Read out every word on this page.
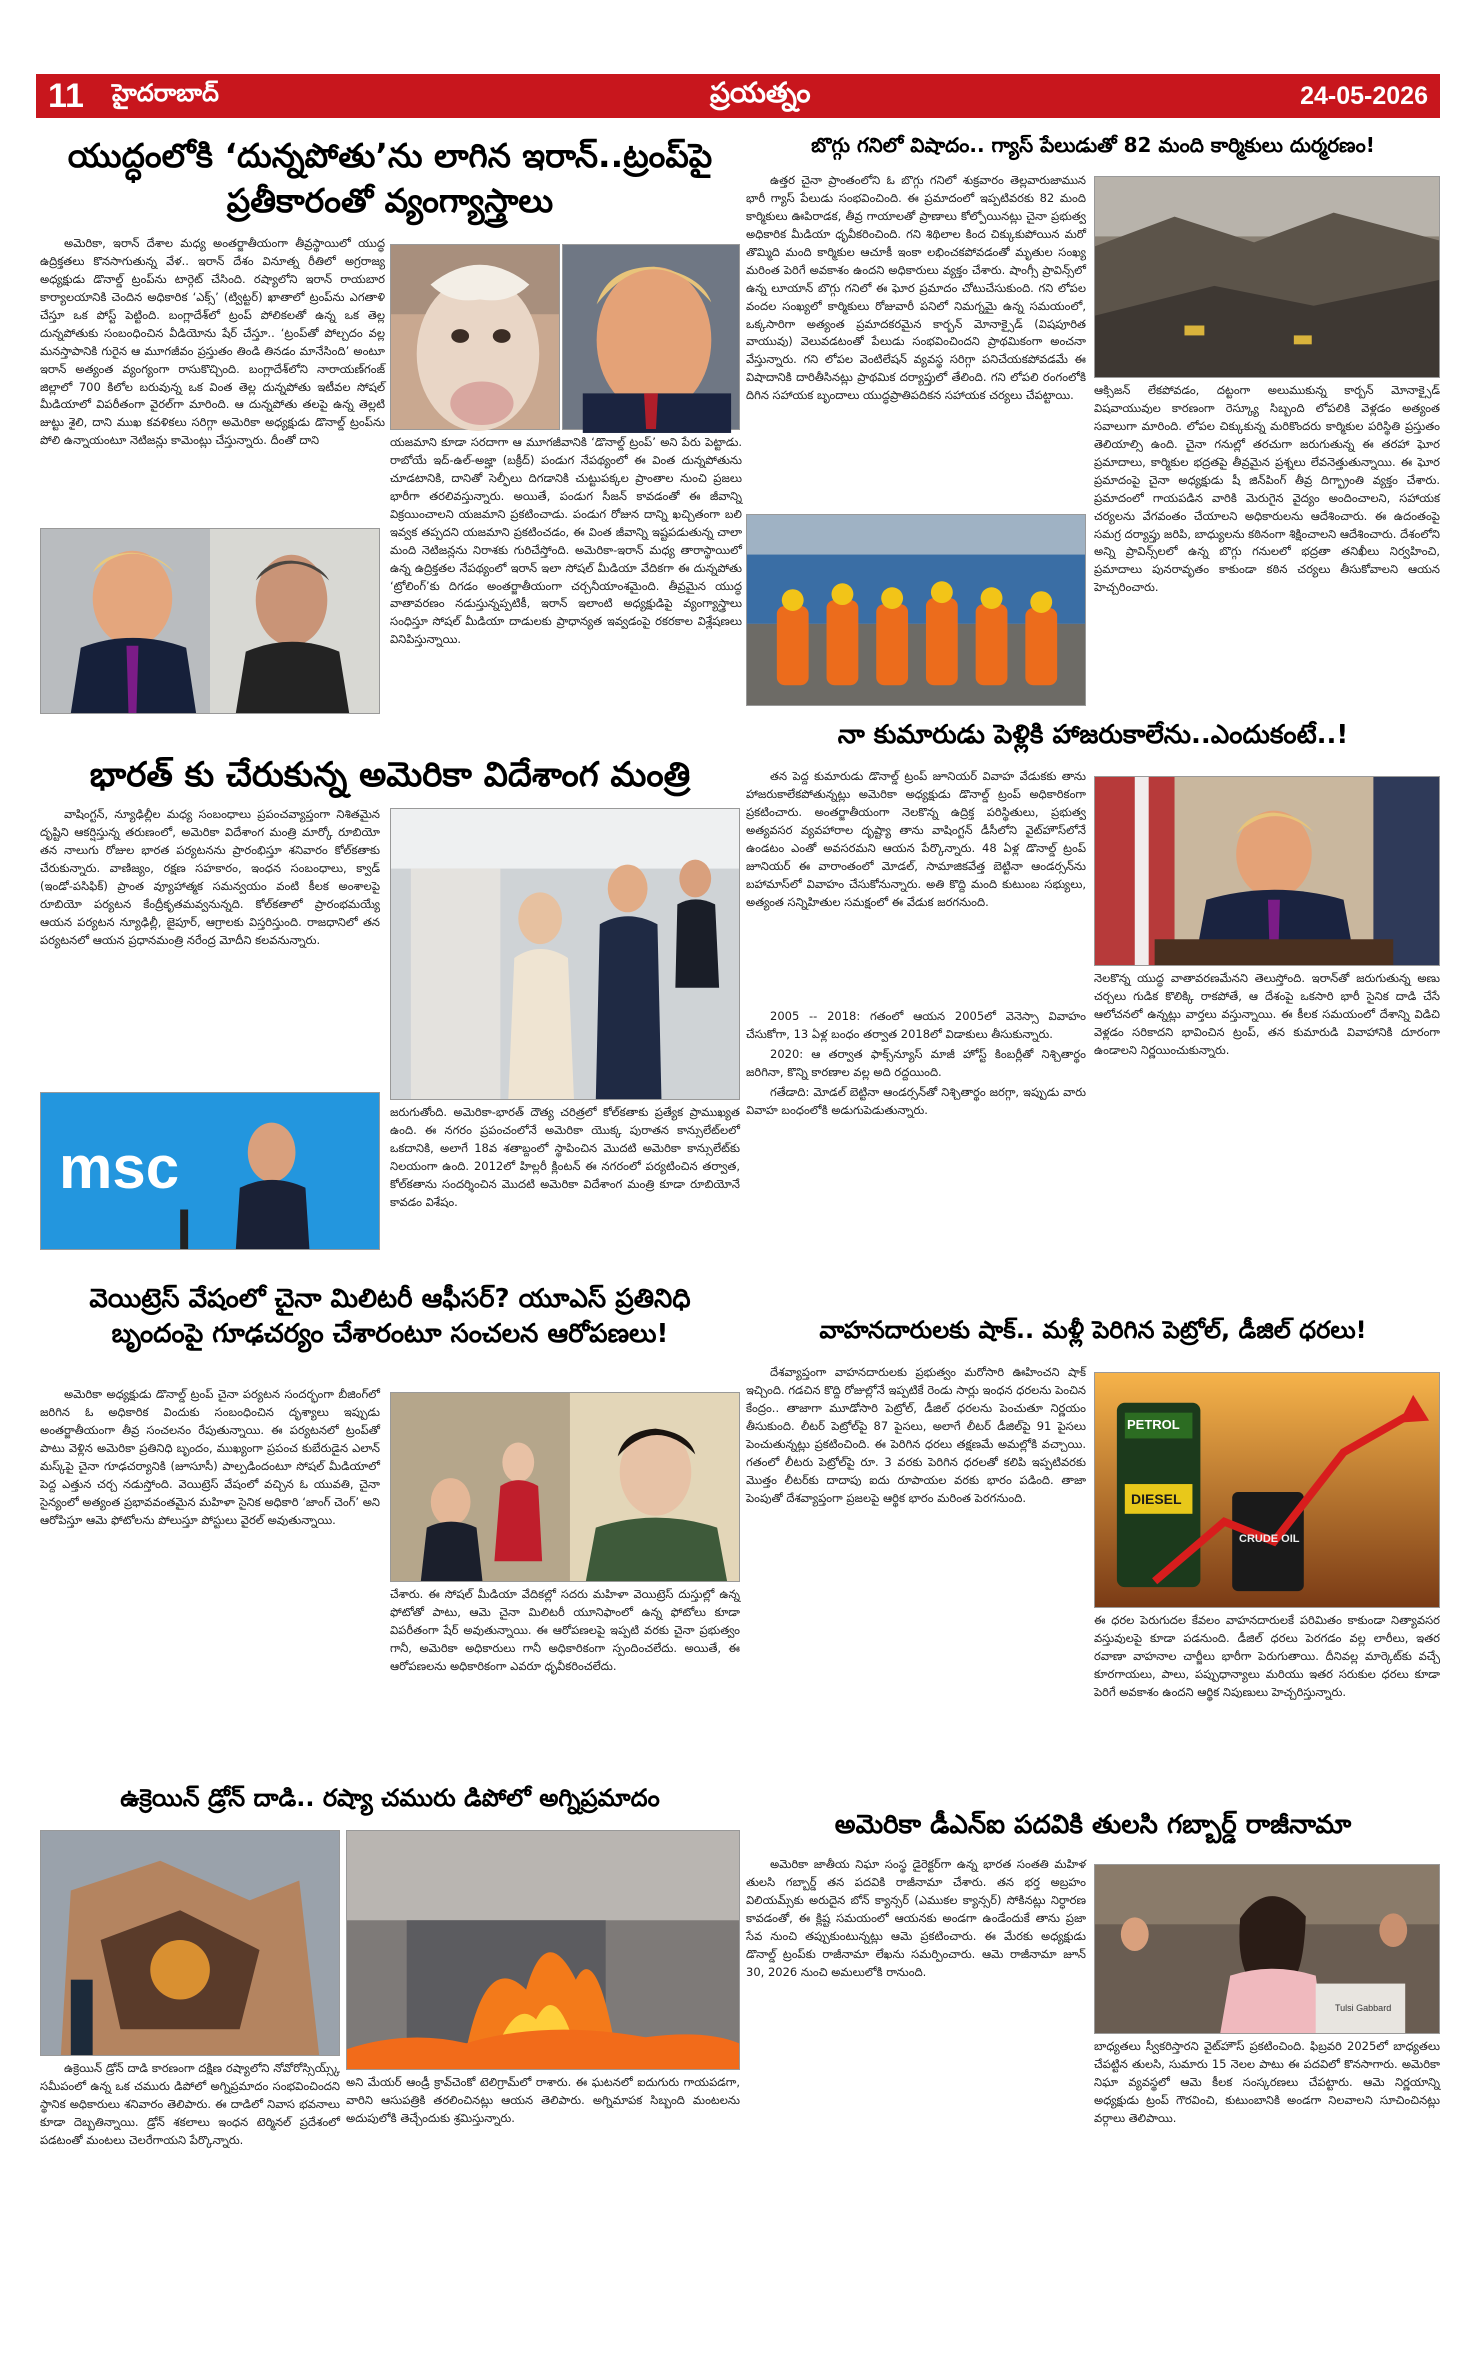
11	హైదరాబాద్	ప్రయత్నం	24-05-2026
యుద్ధంలోకి ‘దున్నపోతు’ను లాగిన ఇరాన్..ట్రంప్‌పై
ప్రతీకారంతో వ్యంగ్యాస్త్రాలు

అమెరికా, ఇరాన్ దేశాల మధ్య అంతర్జాతీయంగా తీవ్రస్థాయిలో యుద్ధ ఉద్రిక్తతలు కొనసాగుతున్న వేళ.. ఇరాన్ దేశం వినూత్న రీతిలో అగ్రరాజ్య అధ్యక్షుడు డొనాల్డ్ ట్రంప్‌ను టార్గెట్ చేసింది. రష్యాలోని ఇరాన్ రాయబార కార్యాలయానికి చెందిన అధికారిక ‘ఎక్స్’ (ట్విట్టర్) ఖాతాలో ట్రంప్‌ను ఎగతాళి చేస్తూ ఒక పోస్ట్ పెట్టింది. బంగ్లాదేశ్‌లో ట్రంప్ పోలికలతో ఉన్న ఒక తెల్ల దున్నపోతుకు సంబంధించిన వీడియోను షేర్ చేస్తూ.. ‘ట్రంప్‌తో పోల్చదం వల్ల మనస్తాపానికి గురైన ఆ మూగజీవం ప్రస్తుతం తిండి తినడం మానేసింది’ అంటూ ఇరాన్ అత్యంత వ్యంగ్యంగా రాసుకొచ్చింది. బంగ్లాదేశ్‌లోని నారాయణ్‌గంజ్ జిల్లాలో 700 కిలోల బరువున్న ఒక వింత తెల్ల దున్నపోతు ఇటీవల సోషల్ మీడియాలో విపరీతంగా వైరల్‌గా మారింది. ఆ దున్నపోతు తలపై ఉన్న తెల్లటి జుట్టు శైలి, దాని ముఖ కవళికలు సరిగ్గా అమెరికా అధ్యక్షుడు డొనాల్డ్ ట్రంప్‌ను పోలి ఉన్నాయంటూ నెటిజన్లు కామెంట్లు చేస్తున్నారు. దీంతో దాని	యజమాని కూడా సరదాగా ఆ మూగజీవానికి ‘డొనాల్డ్ ట్రంప్’ అని పేరు పెట్టాడు. రాబోయే ఇద్-ఉల్-అజ్హా (బక్రీద్) పండుగ నేపథ్యంలో ఈ వింత దున్నపోతును చూడటానికి, దానితో సెల్ఫీలు దిగడానికి చుట్టుపక్కల ప్రాంతాల నుంచి ప్రజలు భారీగా తరలివస్తున్నారు. అయితే, పండుగ సీజన్ కావడంతో ఈ జీవాన్ని విక్రయించాలని యజమాని ప్రకటించాడు. పండుగ రోజున దాన్ని ఖచ్చితంగా బలి ఇవ్వక తప్పదని యజమాని ప్రకటించడం, ఈ వింత జీవాన్ని ఇష్టపడుతున్న చాలా మంది నెటిజన్లను నిరాశకు గురిచేస్తోంది. అమెరికా-ఇరాన్ మధ్య తారాస్థాయిలో ఉన్న ఉద్రిక్తతల నేపథ్యంలో ఇరాన్ ఇలా సోషల్ మీడియా వేదికగా ఈ దున్నపోతు ‘ట్రోలింగ్’కు దిగడం అంతర్జాతీయంగా చర్చనీయాంశమైంది. తీవ్రమైన యుద్ధ వాతావరణం నడుస్తున్నప్పటికీ, ఇరాన్ ఇలాంటి అధ్యక్షుడిపై వ్యంగ్యాస్త్రాలు సంధిస్తూ సోషల్ మీడియా దాడులకు ప్రాధాన్యత ఇవ్వడంపై రకరకాల విశ్లేషణలు వినిపిస్తున్నాయి.
బొగ్గు గనిలో విషాదం.. గ్యాస్ పేలుడుతో 82 మంది కార్మికులు దుర్మరణం!

ఉత్తర చైనా ప్రాంతంలోని ఓ బొగ్గు గనిలో శుక్రవారం తెల్లవారుజామున భారీ గ్యాస్ పేలుడు సంభవించింది. ఈ ప్రమాదంలో ఇప్పటివరకు 82 మంది కార్మికులు ఊపిరాడక, తీవ్ర గాయాలతో ప్రాణాలు కోల్పోయినట్లు చైనా ప్రభుత్వ అధికారిక మీడియా ధృవీకరించింది. గని శిథిలాల కింద చిక్కుకుపోయిన మరో తొమ్మిది మంది కార్మికుల ఆచూకీ ఇంకా లభించకపోవడంతో మృతుల సంఖ్య మరింత పెరిగే అవకాశం ఉందని అధికారులు వ్యక్తం చేశారు. షాంగ్సీ ప్రావిన్స్‌లో ఉన్న లూయాన్ బొగ్గు గనిలో ఈ ఘోర ప్రమాదం చోటుచేసుకుంది. గని లోపల వందల సంఖ్యలో కార్మికులు రోజువారీ పనిలో నిమగ్నమై ఉన్న సమయంలో, ఒక్కసారిగా అత్యంత ప్రమాదకరమైన కార్బన్ మోనాక్సైడ్ (విషపూరిత వాయువు) వెలువడటంతో పేలుడు సంభవించిందని ప్రాథమికంగా అంచనా వేస్తున్నారు. గని లోపల వెంటిలేషన్ వ్యవస్థ సరిగ్గా పనిచేయకపోవడమే ఈ విషాదానికి దారితీసినట్లు ప్రాథమిక దర్యాప్తులో తేలింది. గని లోపలి రంగంలోకి దిగిన సహాయక బృందాలు యుద్ధప్రాతిపదికన సహాయక చర్యలు చేపట్టాయి.	ఆక్సిజన్ లేకపోవడం, దట్టంగా అలుముకున్న కార్బన్ మోనాక్సైడ్ విషవాయువుల కారణంగా రెస్క్యూ సిబ్బంది లోపలికి వెళ్లడం అత్యంత సవాలుగా మారింది. లోపల చిక్కుకున్న మరికొందరు కార్మికుల పరిస్థితి ప్రస్తుతం తెలియాల్సి ఉంది. చైనా గనుల్లో తరచుగా జరుగుతున్న ఈ తరహా ఘోర ప్రమాదాలు, కార్మికుల భద్రతపై తీవ్రమైన ప్రశ్నలు లేవనెత్తుతున్నాయి. ఈ ఘోర ప్రమాదంపై చైనా అధ్యక్షుడు షీ జిన్‌పింగ్ తీవ్ర దిగ్భ్రాంతి వ్యక్తం చేశారు. ప్రమాదంలో గాయపడిన వారికి మెరుగైన వైద్యం అందించాలని, సహాయక చర్యలను వేగవంతం చేయాలని అధికారులను ఆదేశించారు. ఈ ఉదంతంపై సమగ్ర దర్యాప్తు జరిపి, బాధ్యులను కఠినంగా శిక్షించాలని ఆదేశించారు. దేశంలోని అన్ని ప్రావిన్స్‌లలో ఉన్న బొగ్గు గనులలో భద్రతా తనిఖీలు నిర్వహించి, ప్రమాదాలు పునరావృతం కాకుండా కఠిన చర్యలు తీసుకోవాలని ఆయన హెచ్చరించారు.
భారత్ కు చేరుకున్న అమెరికా విదేశాంగ మంత్రి

వాషింగ్టన్, న్యూఢిల్లీల మధ్య సంబంధాలు ప్రపంచవ్యాప్తంగా నిశితమైన దృష్టిని ఆకర్షిస్తున్న తరుణంలో, అమెరికా విదేశాంగ మంత్రి మార్కో రూబియో తన నాలుగు రోజుల భారత పర్యటనను ప్రారంభిస్తూ శనివారం కోల్‌కతాకు చేరుకున్నారు. వాణిజ్యం, రక్షణ సహకారం, ఇంధన సంబంధాలు, క్వాడ్ (ఇండో-పసిఫిక్) ప్రాంత వ్యూహాత్మక సమన్వయం వంటి కీలక అంశాలపై రూబియో పర్యటన కేంద్రీకృతమవ్వనున్నది. కోల్‌కతాలో ప్రారంభమయ్యే ఆయన పర్యటన న్యూఢిల్లీ, జైపూర్, ఆగ్రాలకు విస్తరిస్తుంది. రాజధానిలో తన పర్యటనలో ఆయన ప్రధానమంత్రి నరేంద్ర మోదీని కలవనున్నారు.

msc
జరుగుతోంది. అమెరికా-భారత్ దౌత్య చరిత్రలో కోల్‌కతాకు ప్రత్యేక ప్రాముఖ్యత ఉంది. ఈ నగరం ప్రపంచంలోనే అమెరికా యొక్క పురాతన కాన్సులేట్‌లలో ఒకదానికి, అలాగే 18వ శతాబ్దంలో స్థాపించిన మొదటి అమెరికా కాన్సులేట్‌కు నిలయంగా ఉంది. 2012లో హిల్లరీ క్లింటన్ ఈ నగరంలో పర్యటించిన తర్వాత, కోల్‌కతాను సందర్శించిన మొదటి అమెరికా విదేశాంగ మంత్రి కూడా రూబియోనే కావడం విశేషం.
నా కుమారుడు పెళ్లికి హాజరుకాలేను..ఎందుకంటే..!

తన పెద్ద కుమారుడు డొనాల్డ్ ట్రంప్ జూనియర్ వివాహ వేడుకకు తాను హాజరుకాలేకపోతున్నట్లు అమెరికా అధ్యక్షుడు డొనాల్డ్ ట్రంప్ అధికారికంగా ప్రకటించారు. అంతర్జాతీయంగా నెలకొన్న ఉద్రిక్త పరిస్థితులు, ప్రభుత్వ అత్యవసర వ్యవహారాల దృష్ట్యా తాను వాషింగ్టన్ డీసీలోని వైట్‌హౌస్‌లోనే ఉండటం ఎంతో అవసరమని ఆయన పేర్కొన్నారు. 48 ఏళ్ల డొనాల్డ్ ట్రంప్ జూనియర్ ఈ వారాంతంలో మోడల్, సామాజికవేత్త బెట్టినా ఆండర్సన్‌ను బహామాస్‌లో వివాహం చేసుకోనున్నారు. అతి కొద్ది మంది కుటుంబ సభ్యులు, అత్యంత సన్నిహితుల సమక్షంలో ఈ వేడుక జరగనుంది.

2005 -- 2018: గతంలో ఆయన 2005లో వెనెస్సా వివాహం చేసుకోగా, 13 ఏళ్ల బంధం తర్వాత 2018లో విడాకులు తీసుకున్నారు.

2020: ఆ తర్వాత ఫాక్స్‌న్యూస్ మాజీ హోస్ట్ కింబర్లీతో నిశ్చితార్థం జరిగినా, కొన్ని కారణాల వల్ల అది రద్దయింది.

గతేడాది: మోడల్ బెట్టినా ఆండర్సన్‌తో నిశ్చితార్థం జరగ్గా, ఇప్పుడు వారు వివాహ బంధంలోకి అడుగుపెడుతున్నారు.

నెలకొన్న యుద్ధ వాతావరణమేనని తెలుస్తోంది. ఇరాన్‌తో జరుగుతున్న అణు చర్చలు గుడిక కొలిక్కి రాకపోతే, ఆ దేశంపై ఒకసారి భారీ సైనిక దాడి చేసే ఆలోచనలో ఉన్నట్లు వార్తలు వస్తున్నాయి. ఈ కీలక సమయంలో దేశాన్ని విడిచి వెళ్లడం సరికాదని భావించిన ట్రంప్, తన కుమారుడి వివాహానికి దూరంగా ఉండాలని నిర్ణయించుకున్నారు.
వెయిట్రెస్ వేషంలో చైనా మిలిటరీ ఆఫీసర్? యూఎస్ ప్రతినిధి
బృందంపై గూఢచర్యం చేశారంటూ సంచలన ఆరోపణలు!

అమెరికా అధ్యక్షుడు డొనాల్డ్ ట్రంప్ చైనా పర్యటన సందర్భంగా బీజింగ్‌లో జరిగిన ఓ అధికారిక విందుకు సంబంధించిన దృశ్యాలు ఇప్పుడు అంతర్జాతీయంగా తీవ్ర సంచలనం రేపుతున్నాయి. ఈ పర్యటనలో ట్రంప్‌తో పాటు వెళ్లిన అమెరికా ప్రతినిధి బృందం, ముఖ్యంగా ప్రపంచ కుబేరుడైన ఎలాన్ మస్క్‌పై చైనా గూఢచర్యానికి (జూసూసీ) పాల్పడిందంటూ సోషల్ మీడియాలో పెద్ద ఎత్తున చర్చ నడుస్తోంది. వెయిట్రెస్ వేషంలో వచ్చిన ఓ యువతి, చైనా సైన్యంలో అత్యంత ప్రభావవంతమైన మహిళా సైనిక అధికారి ‘జాంగ్ చెంగ్’ అని ఆరోపిస్తూ ఆమె ఫోటోలను పోలుస్తూ పోస్టులు వైరల్ అవుతున్నాయి.

చేశారు. ఈ సోషల్ మీడియా వేదికల్లో సదరు మహిళా వెయిట్రెస్ దుస్తుల్లో ఉన్న ఫోటోతో పాటు, ఆమె చైనా మిలిటరీ యూనిఫాంలో ఉన్న ఫోటోలు కూడా విపరీతంగా షేర్ అవుతున్నాయి. ఈ ఆరోపణలపై ఇప్పటి వరకు చైనా ప్రభుత్వం గానీ, అమెరికా అధికారులు గానీ అధికారికంగా స్పందించలేదు. అయితే, ఈ ఆరోపణలను అధికారికంగా ఎవరూ ధృవీకరించలేదు.
వాహనదారులకు షాక్.. మళ్లీ పెరిగిన పెట్రోల్, డీజిల్ ధరలు!

దేశవ్యాప్తంగా వాహనదారులకు ప్రభుత్వం మరోసారి ఊహించని షాక్ ఇచ్చింది. గడచిన కొద్ది రోజుల్లోనే ఇప్పటికే రెండు సార్లు ఇంధన ధరలను పెంచిన కేంద్రం.. తాజాగా మూడోసారి పెట్రోల్, డీజిల్ ధరలను పెంచుతూ నిర్ణయం తీసుకుంది. లీటర్ పెట్రోల్‌పై 87 పైసలు, అలాగే లీటర్ డీజిల్‌పై 91 పైసలు పెంచుతున్నట్లు ప్రకటించింది. ఈ పెరిగిన ధరలు తక్షణమే అమల్లోకి వచ్చాయి. గతంలో లీటరు పెట్రోల్‌పై రూ. 3 వరకు పెరిగిన ధరలతో కలిపి ఇప్పటివరకు మొత్తం లీటర్‌కు దాదాపు ఐదు రూపాయల వరకు భారం పడింది. తాజా పెంపుతో దేశవ్యాప్తంగా ప్రజలపై ఆర్థిక భారం మరింత పెరగనుంది.

PETROL
DIESEL
CRUDE OIL
ఈ ధరల పెరుగుదల కేవలం వాహనదారులకే పరిమితం కాకుండా నిత్యావసర వస్తువులపై కూడా పడనుంది. డీజిల్ ధరలు పెరగడం వల్ల లారీలు, ఇతర రవాణా వాహనాల చార్జీలు భారీగా పెరుగుతాయి. దీనివల్ల మార్కెట్‌కు వచ్చే కూరగాయలు, పాలు, పప్పుధాన్యాలు మరియు ఇతర సరుకుల ధరలు కూడా పెరిగే అవకాశం ఉందని ఆర్థిక నిపుణులు హెచ్చరిస్తున్నారు.
ఉక్రెయిన్ డ్రోన్ దాడి.. రష్యా చమురు డిపోలో అగ్నిప్రమాదం

ఉక్రెయిన్ డ్రోన్ దాడి కారణంగా దక్షిణ రష్యాలోని నోవోరోస్సియ్స్క్ సమీపంలో ఉన్న ఒక చమురు డిపోలో అగ్నిప్రమాదం సంభవించిందని స్థానిక అధికారులు శనివారం తెలిపారు. ఈ దాడిలో నివాస భవనాలు కూడా దెబ్బతిన్నాయి. డ్రోన్ శకలాలు ఇంధన టెర్మినల్ ప్రదేశంలో పడటంతో మంటలు చెలరేగాయని పేర్కొన్నారు.

అని మేయర్ ఆండ్రీ క్రావ్‌చెంకో టెలిగ్రామ్‌లో రాశారు. ఈ ఘటనలో ఐదుగురు గాయపడగా, వారిని ఆసుపత్రికి తరలించినట్లు ఆయన తెలిపారు. అగ్నిమాపక సిబ్బంది మంటలను అదుపులోకి తెచ్చేందుకు శ్రమిస్తున్నారు.
అమెరికా డీఎన్ఐ పదవికి తులసి గబ్బార్డ్ రాజీనామా

అమెరికా జాతీయ నిఘా సంస్థ డైరెక్టర్‌గా ఉన్న భారత సంతతి మహిళ తులసి గబ్బార్డ్ తన పదవికి రాజీనామా చేశారు. తన భర్త అబ్రహం విలియమ్స్‌కు అరుదైన బోన్ క్యాన్సర్ (ఎముకల క్యాన్సర్) సోకినట్లు నిర్ధారణ కావడంతో, ఈ క్లిష్ట సమయంలో ఆయనకు అండగా ఉండేందుకే తాను ప్రజా సేవ నుంచి తప్పుకుంటున్నట్లు ఆమె ప్రకటించారు. ఈ మేరకు అధ్యక్షుడు డొనాల్డ్ ట్రంప్‌కు రాజీనామా లేఖను సమర్పించారు. ఆమె రాజీనామా జూన్ 30, 2026 నుంచి అమలులోకి రానుంది.

Tulsi Gabbard
బాధ్యతలు స్వీకరిస్తారని వైట్‌హౌస్ ప్రకటించింది. ఫిబ్రవరి 2025లో బాధ్యతలు చేపట్టిన తులసి, సుమారు 15 నెలల పాటు ఈ పదవిలో కొనసాగారు. అమెరికా నిఘా వ్యవస్థలో ఆమె కీలక సంస్కరణలు చేపట్టారు. ఆమె నిర్ణయాన్ని అధ్యక్షుడు ట్రంప్ గౌరవించి, కుటుంబానికి అండగా నిలవాలని సూచించినట్లు వర్గాలు తెలిపాయి.
